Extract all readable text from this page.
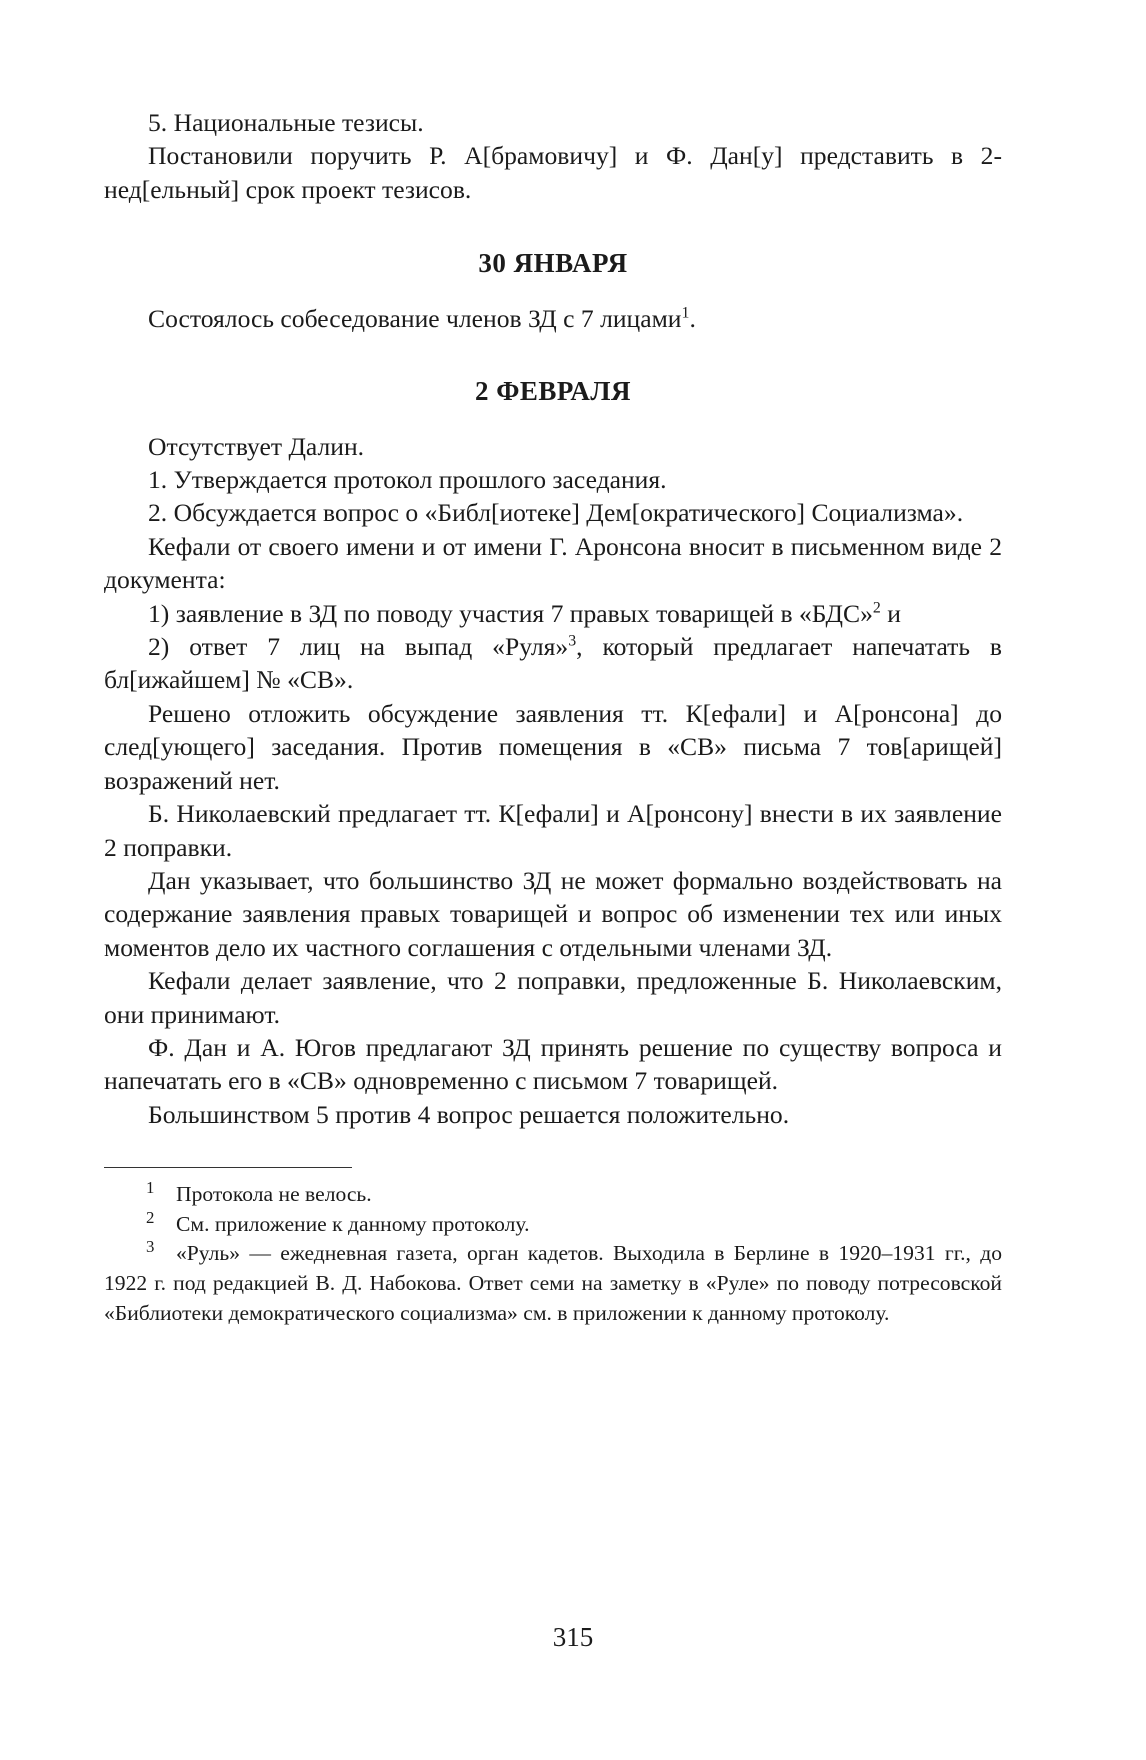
5. Национальные тезисы.

Постановили поручить Р. А[брамовичу] и Ф. Дан[у] представить в 2-нед[ельный] срок проект тезисов.

30 ЯНВАРЯ

Состоялось собеседование членов ЗД с 7 лицами$^1$.

2 ФЕВРАЛЯ

Отсутствует Далин.

1. Утверждается протокол прошлого заседания.

2. Обсуждается вопрос о «Библ[иотеке] Дем[ократического] Социализма».

Кефали от своего имени и от имени Г. Аронсона вносит в письменном виде 2 документа:

1) заявление в ЗД по поводу участия 7 правых товарищей в «БДС»$^2$ и

2) ответ 7 лиц на выпад «Руля»$^3$, который предлагает напечатать в бл[ижайшем] № «СВ».

Решено отложить обсуждение заявления тт. К[ефали] и А[ронсона] до след[ующего] заседания. Против помещения в «СВ» письма 7 тов[арищей] возражений нет.

Б. Николаевский предлагает тт. К[ефали] и А[ронсону] внести в их заявление 2 поправки.

Дан указывает, что большинство ЗД не может формально воздействовать на содержание заявления правых товарищей и вопрос об изменении тех или иных моментов дело их частного соглашения с отдельными членами ЗД.

Кефали делает заявление, что 2 поправки, предложенные Б. Николаевским, они принимают.

Ф. Дан и А. Югов предлагают ЗД принять решение по существу вопроса и напечатать его в «СВ» одновременно с письмом 7 товарищей.

Большинством 5 против 4 вопрос решается положительно.

1 Протокола не велось.

2 См. приложение к данному протоколу.

3 «Руль» — ежедневная газета, орган кадетов. Выходила в Берлине в 1920–1931 гг., до 1922 г. под редакцией В. Д. Набокова. Ответ семи на заметку в «Руле» по поводу потресовской «Библиотеки демократического социализма» см. в приложении к данному протоколу.

315
